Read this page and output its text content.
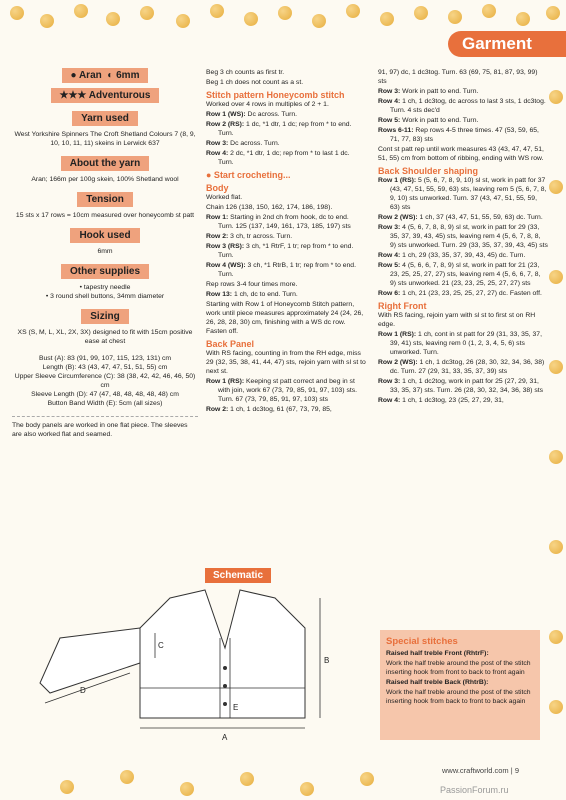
Garment
● Aran  ◐ 6mm
★★★ Adventurous
Yarn used
West Yorkshire Spinners The Croft Shetland Colours 7 (8, 9, 10, 10, 11, 11) skeins in Lerwick 637
About the yarn
Aran; 166m per 100g skein, 100% Shetland wool
Tension
15 sts x 17 rows = 10cm measured over honeycomb st patt
Hook used
6mm
Other supplies
• tapestry needle
• 3 round shell buttons, 34mm diameter
Sizing
XS (S, M, L, XL, 2X, 3X) designed to fit with 15cm positive ease at chest
Bust (A): 83 (91, 99, 107, 115, 123, 131) cm
Length (B): 43 (43, 47, 47, 51, 51, 55) cm
Upper Sleeve Circumference (C): 38 (38, 42, 42, 46, 46, 50) cm
Sleeve Length (D): 47 (47, 48, 48, 48, 48, 48) cm
Button Band Width (E): 5cm (all sizes)
The body panels are worked in one flat piece. The sleeves are also worked flat and seamed.
Beg 3 ch counts as first tr.
Beg 1 ch does not count as a st.
Stitch pattern Honeycomb stitch
Worked over 4 rows in multiples of 2 + 1.
Row 1 (WS): Dc across. Turn.
Row 2 (RS): 1 dc, *1 dtr, 1 dc; rep from * to end. Turn.
Row 3: Dc across. Turn.
Row 4: 2 dc, *1 dtr, 1 dc; rep from * to last 1 dc. Turn.
● Start crocheting...
Body
Worked flat.
Chain 126 (138, 150, 162, 174, 186, 198).
Row 1: Starting in 2nd ch from hook, dc to end. Turn. 125 (137, 149, 161, 173, 185, 197) sts
Row 2: 3 ch, tr across. Turn.
Row 3 (RS): 3 ch, *1 RtrF, 1 tr; rep from * to end. Turn.
Row 4 (WS): 3 ch, *1 RtrB, 1 tr; rep from * to end. Turn.
Rep rows 3-4 four times more.
Row 13: 1 ch, dc to end. Turn.
Starting with Row 1 of Honeycomb Stitch pattern, work until piece measures approximately 24 (24, 26, 26, 28, 28, 30) cm, finishing with a WS dc row. Fasten off.
Back Panel
With RS facing, counting in from the RH edge, miss 29 (32, 35, 38, 41, 44, 47) sts, rejoin yarn with sl st to next st.
Row 1 (RS): Keeping st patt correct and beg in st with join, work 67 (73, 79, 85, 91, 97, 103) sts. Turn. 67 (73, 79, 85, 91, 97, 103) sts
Row 2: 1 ch, 1 dc3tog, 61 (67, 73, 79, 85,
91, 97) dc, 1 dc3tog. Turn. 63 (69, 75, 81, 87, 93, 99) sts
Row 3: Work in patt to end. Turn.
Row 4: 1 ch, 1 dc3tog, dc across to last 3 sts, 1 dc3tog. Turn. 4 sts dec'd
Row 5: Work in patt to end. Turn.
Rows 6-11: Rep rows 4-5 three times. 47 (53, 59, 65, 71, 77, 83) sts
Cont st patt rep until work measures 43 (43, 47, 47, 51, 51, 55) cm from bottom of ribbing, ending with WS row.
Back Shoulder shaping
Row 1 (RS): 5 (5, 6, 7, 8, 9, 10) sl st, work in patt for 37 (43, 47, 51, 55, 59, 63) sts, leaving rem 5 (5, 6, 7, 8, 9, 10) sts unworked. Turn. 37 (43, 47, 51, 55, 59, 63) sts
Row 2 (WS): 1 ch, 37 (43, 47, 51, 55, 59, 63) dc. Turn.
Row 3: 4 (5, 6, 7, 8, 8, 9) sl st, work in patt for 29 (33, 35, 37, 39, 43, 45) sts, leaving rem 4 (5, 6, 7, 8, 8, 9) sts unworked. Turn. 29 (33, 35, 37, 39, 43, 45) sts
Row 4: 1 ch, 29 (33, 35, 37, 39, 43, 45) dc. Turn.
Row 5: 4 (5, 6, 6, 7, 8, 9) sl st, work in patt for 21 (23, 23, 25, 25, 27, 27) sts, leaving rem 4 (5, 6, 6, 7, 8, 9) sts unworked. 21 (23, 23, 25, 25, 27, 27) sts
Row 6: 1 ch, 21 (23, 23, 25, 25, 27, 27) dc. Fasten off.
Right Front
With RS facing, rejoin yarn with sl st to first st on RH edge.
Row 1 (RS): 1 ch, cont in st patt for 29 (31, 33, 35, 37, 39, 41) sts, leaving rem 0 (1, 2, 3, 4, 5, 6) sts unworked. Turn.
Row 2 (WS): 1 ch, 1 dc3tog, 26 (28, 30, 32, 34, 36, 38) dc. Turn. 27 (29, 31, 33, 35, 37, 39) sts
Row 3: 1 ch, 1 dc2tog, work in patt for 25 (27, 29, 31, 33, 35, 37) sts. Turn. 26 (28, 30, 32, 34, 36, 38) sts
Row 4: 1 ch, 1 dc3tog, 23 (25, 27, 29, 31,
Schematic
A
B
C
D
E
Special stitches
Raised half treble Front (RhtrF):
Work the half treble around the post of the stitch inserting hook from front to back to front again
Raised half treble Back (RhtrB):
Work the half treble around the post of the stitch inserting hook from back to front to back again
www.craftworld.com | 9
PassionForum.ru
